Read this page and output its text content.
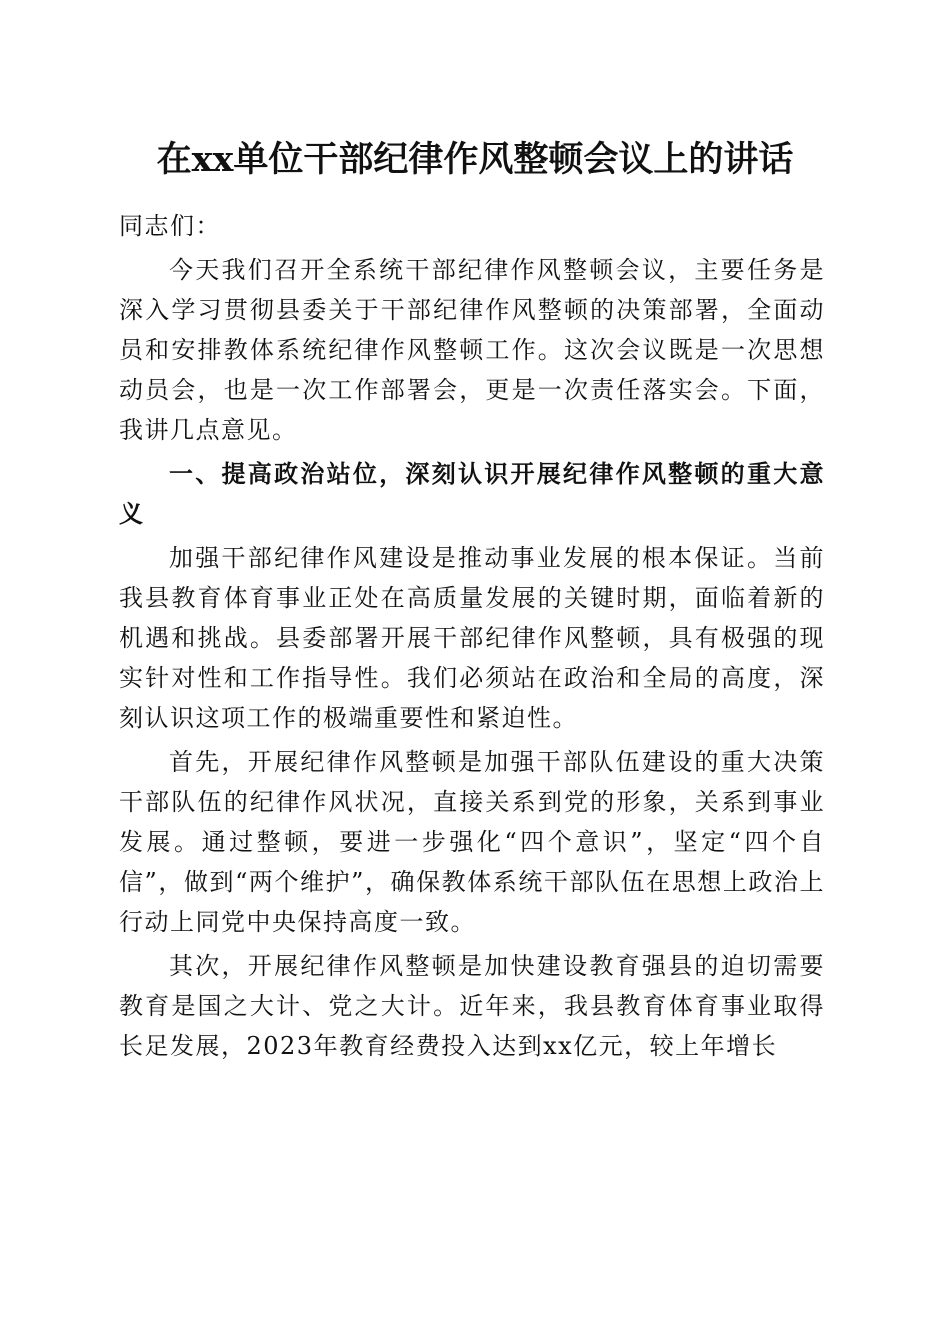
在xx单位干部纪律作风整顿会议上的讲话

同志们：

今天我们召开全系统干部纪律作风整顿会议，主要任务是深入学习贯彻县委关于干部纪律作风整顿的决策部署，全面动员和安排教体系统纪律作风整顿工作。这次会议既是一次思想动员会，也是一次工作部署会，更是一次责任落实会。下面，我讲几点意见。

一、提高政治站位，深刻认识开展纪律作风整顿的重大意义

加强干部纪律作风建设是推动事业发展的根本保证。当前我县教育体育事业正处在高质量发展的关键时期，面临着新的机遇和挑战。县委部署开展干部纪律作风整顿，具有极强的现实针对性和工作指导性。我们必须站在政治和全局的高度，深刻认识这项工作的极端重要性和紧迫性。

首先，开展纪律作风整顿是加强干部队伍建设的重大决策干部队伍的纪律作风状况，直接关系到党的形象，关系到事业发展。通过整顿，要进一步强化“四个意识”，坚定“四个自信”，做到“两个维护”，确保教体系统干部队伍在思想上政治上行动上同党中央保持高度一致。

其次，开展纪律作风整顿是加快建设教育强县的迫切需要教育是国之大计、党之大计。近年来，我县教育体育事业取得长足发展，2023年教育经费投入达到xx亿元，较上年增长
